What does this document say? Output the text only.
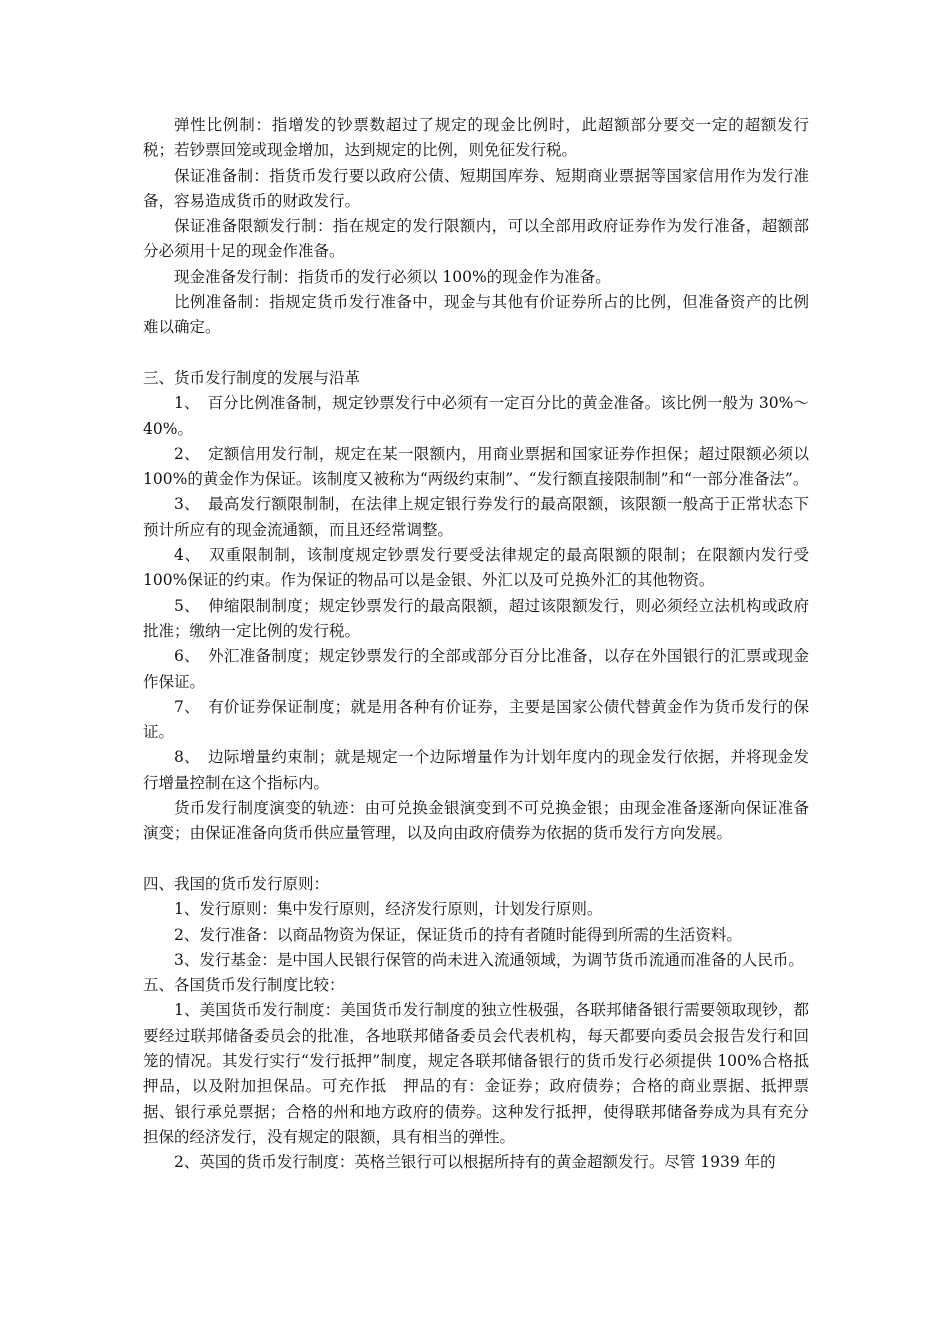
弹性比例制：指增发的钞票数超过了规定的现金比例时，此超额部分要交一定的超额发行税；若钞票回笼或现金增加，达到规定的比例，则免征发行税。

保证准备制：指货币发行要以政府公债、短期国库券、短期商业票据等国家信用作为发行准备，容易造成货币的财政发行。

保证准备限额发行制：指在规定的发行限额内，可以全部用政府证券作为发行准备，超额部分必须用十足的现金作准备。

现金准备发行制：指货币的发行必须以 100%的现金作为准备。

比例准备制：指规定货币发行准备中，现金与其他有价证券所占的比例，但准备资产的比例难以确定。

三、货币发行制度的发展与沿革

1、　百分比例准备制，规定钞票发行中必须有一定百分比的黄金准备。该比例一般为 30%～40%。

2、　定额信用发行制，规定在某一限额内，用商业票据和国家证券作担保；超过限额必须以 100%的黄金作为保证。该制度又被称为“两级约束制”、“发行额直接限制制”和“一部分准备法”。

3、　最高发行额限制制，在法律上规定银行券发行的最高限额，该限额一般高于正常状态下预计所应有的现金流通额，而且还经常调整。

4、　双重限制制，该制度规定钞票发行要受法律规定的最高限额的限制；在限额内发行受 100%保证的约束。作为保证的物品可以是金银、外汇以及可兑换外汇的其他物资。

5、　伸缩限制制度；规定钞票发行的最高限额，超过该限额发行，则必须经立法机构或政府批准；缴纳一定比例的发行税。

6、　外汇准备制度；规定钞票发行的全部或部分百分比准备，以存在外国银行的汇票或现金作保证。

7、　有价证券保证制度；就是用各种有价证券，主要是国家公债代替黄金作为货币发行的保证。

8、　边际增量约束制；就是规定一个边际增量作为计划年度内的现金发行依据，并将现金发行增量控制在这个指标内。

货币发行制度演变的轨迹：由可兑换金银演变到不可兑换金银；由现金准备逐渐向保证准备演变；由保证准备向货币供应量管理，以及向由政府债券为依据的货币发行方向发展。

四、我国的货币发行原则：

1、发行原则：集中发行原则，经济发行原则，计划发行原则。

2、发行准备：以商品物资为保证，保证货币的持有者随时能得到所需的生活资料。

3、发行基金：是中国人民银行保管的尚未进入流通领域，为调节货币流通而准备的人民币。

五、各国货币发行制度比较：

1、美国货币发行制度：美国货币发行制度的独立性极强，各联邦储备银行需要领取现钞，都要经过联邦储备委员会的批准，各地联邦储备委员会代表机构，每天都要向委员会报告发行和回笼的情况。其发行实行“发行抵押”制度，规定各联邦储备银行的货币发行必须提供 100%合格抵押品，以及附加担保品。可充作抵　押品的有：金证券；政府债券；合格的商业票据、抵押票据、银行承兑票据；合格的州和地方政府的债券。这种发行抵押，使得联邦储备券成为具有充分担保的经济发行，没有规定的限额，具有相当的弹性。

2、英国的货币发行制度：英格兰银行可以根据所持有的黄金超额发行。尽管 1939 年的
